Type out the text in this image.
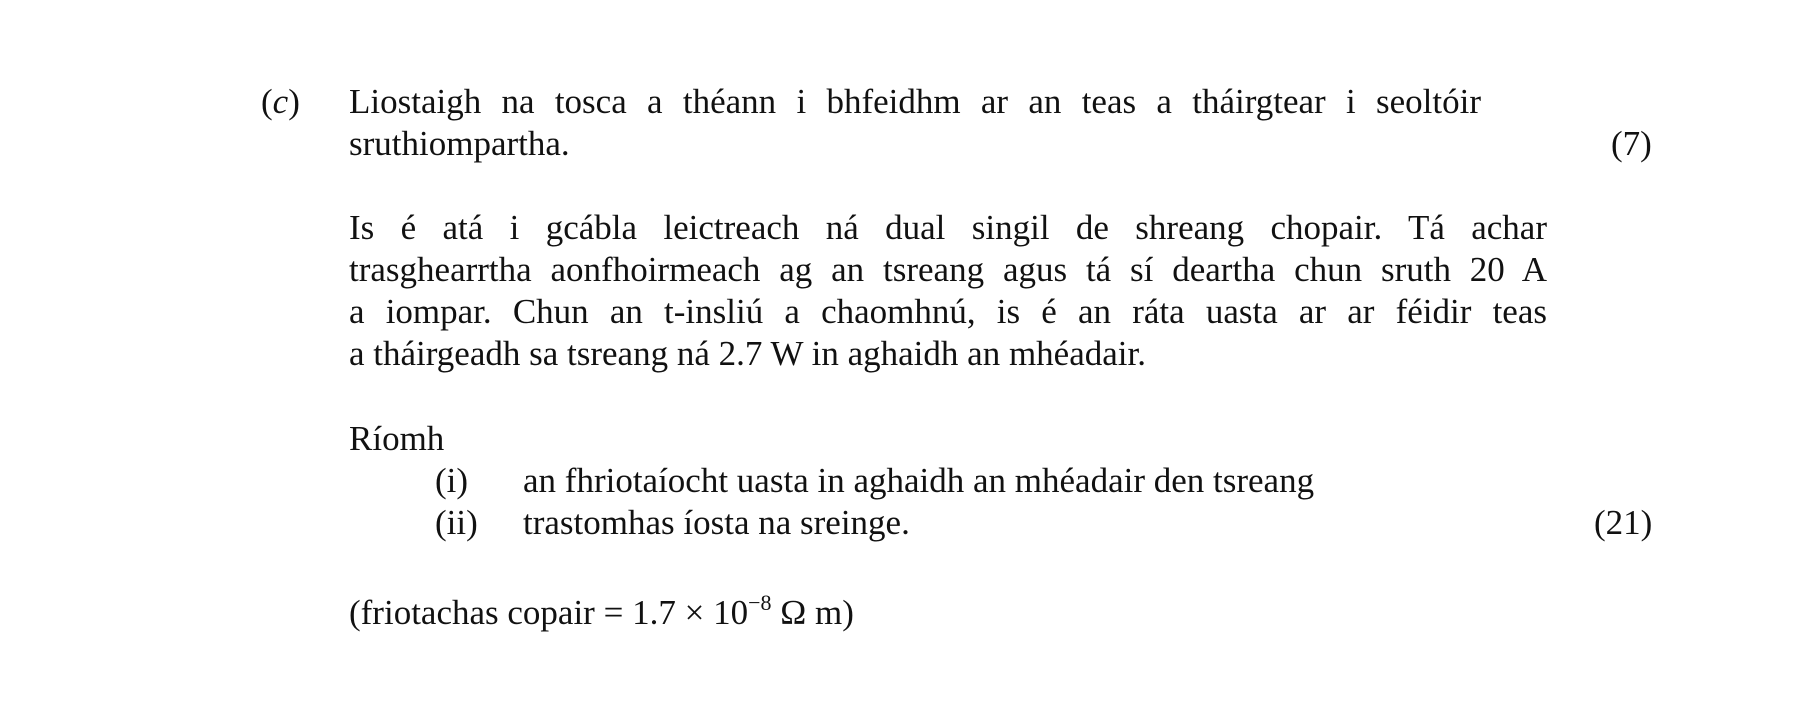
(c) Liostaigh na tosca a théann i bhfeidhm ar an teas a tháirgtear i seoltóir
sruthiompartha.	(7)
Is é atá i gcábla leictreach ná dual singil de shreang chopair. Tá achar
trasghearrtha aonfhoirmeach ag an tsreang agus tá sí deartha chun sruth 20 A
a iompar. Chun an t-insliú a chaomhnú, is é an ráta uasta ar ar féidir teas
a tháirgeadh sa tsreang ná 2.7 W in aghaidh an mhéadair.
Ríomh
(i) an fhriotaíocht uasta in aghaidh an mhéadair den tsreang
(ii) trastomhas íosta na sreinge.	(21)
(friotachas copair = $1.7 \times 10^{-8}$ Ω m)
